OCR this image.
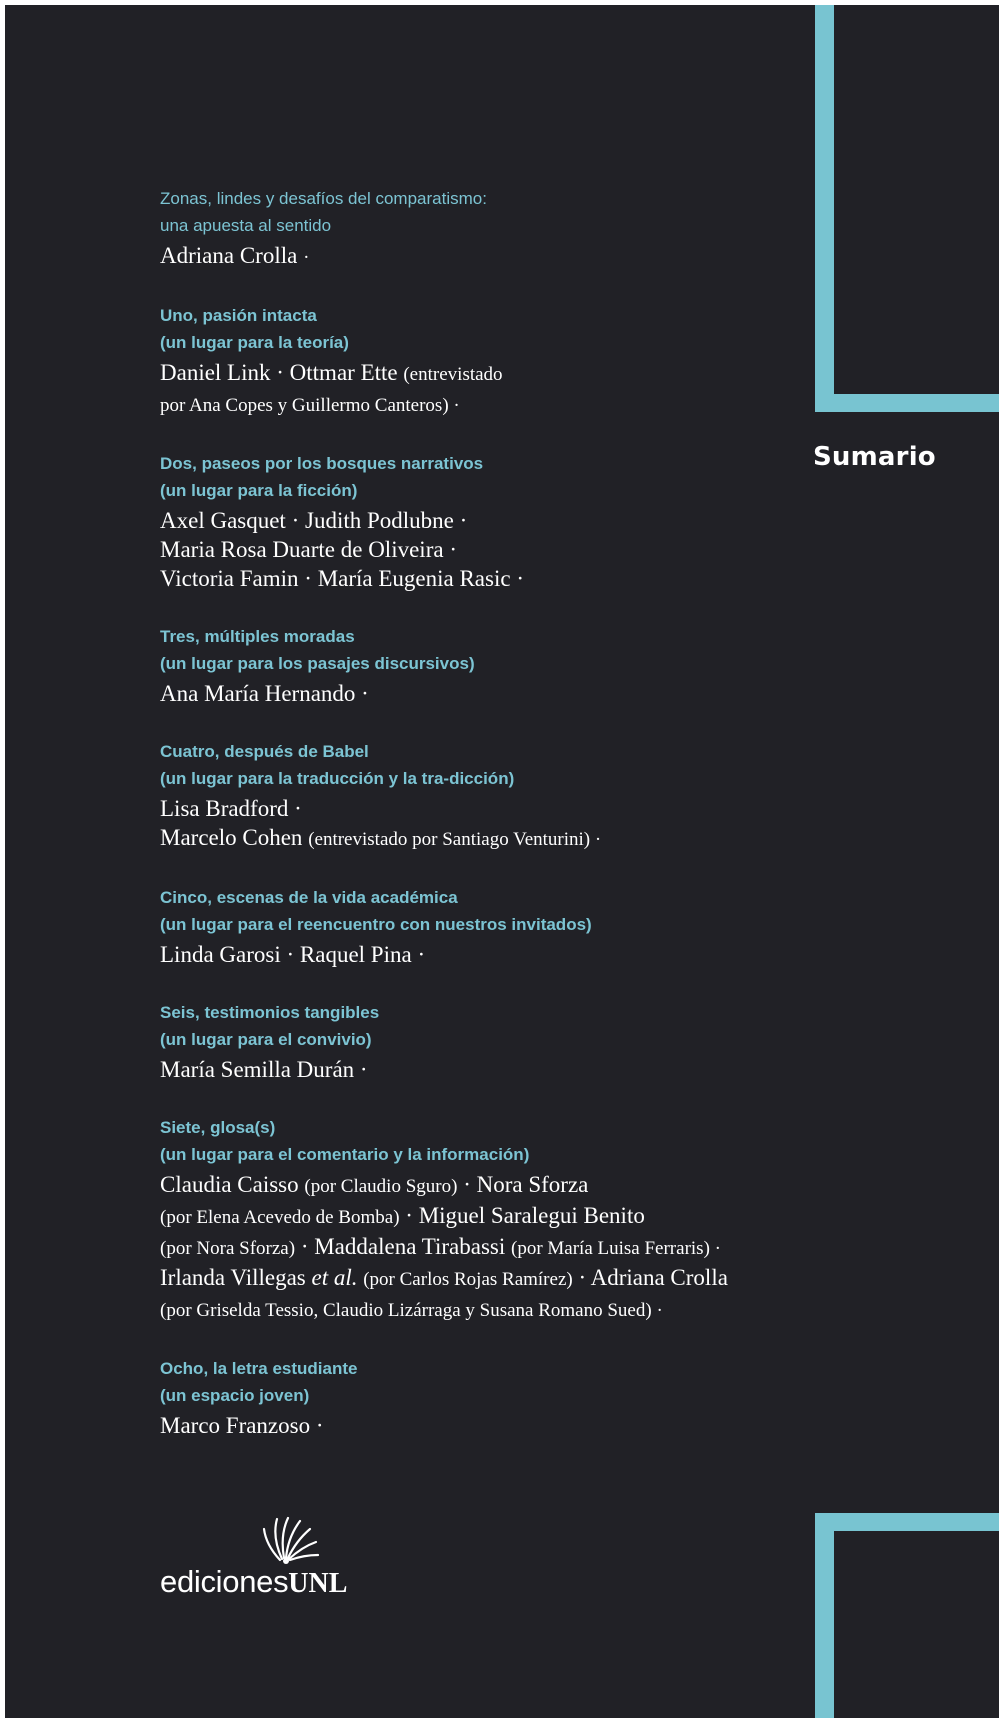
Sumario
Zonas, lindes y desafíos del comparatismo:
una apuesta al sentido
Adriana Crolla ·
Uno, pasión intacta
(un lugar para la teoría)
Daniel Link · Ottmar Ette (entrevistado
por Ana Copes y Guillermo Canteros) ·
Dos, paseos por los bosques narrativos
(un lugar para la ficción)
Axel Gasquet · Judith Podlubne ·
Maria Rosa Duarte de Oliveira ·
Victoria Famin · María Eugenia Rasic ·
Tres, múltiples moradas
(un lugar para los pasajes discursivos)
Ana María Hernando ·
Cuatro, después de Babel
(un lugar para la traducción y la tra-dicción)
Lisa Bradford ·
Marcelo Cohen (entrevistado por Santiago Venturini) ·
Cinco, escenas de la vida académica
(un lugar para el reencuentro con nuestros invitados)
Linda Garosi · Raquel Pina ·
Seis, testimonios tangibles
(un lugar para el convivio)
María Semilla Durán ·
Siete, glosa(s)
(un lugar para el comentario y la información)
Claudia Caisso (por Claudio Sguro) · Nora Sforza
(por Elena Acevedo de Bomba) · Miguel Saralegui Benito
(por Nora Sforza) · Maddalena Tirabassi (por María Luisa Ferraris) ·
Irlanda Villegas et al. (por Carlos Rojas Ramírez) · Adriana Crolla
(por Griselda Tessio, Claudio Lizárraga y Susana Romano Sued) ·
Ocho, la letra estudiante
(un espacio joven)
Marco Franzoso ·
edicionesUNL
